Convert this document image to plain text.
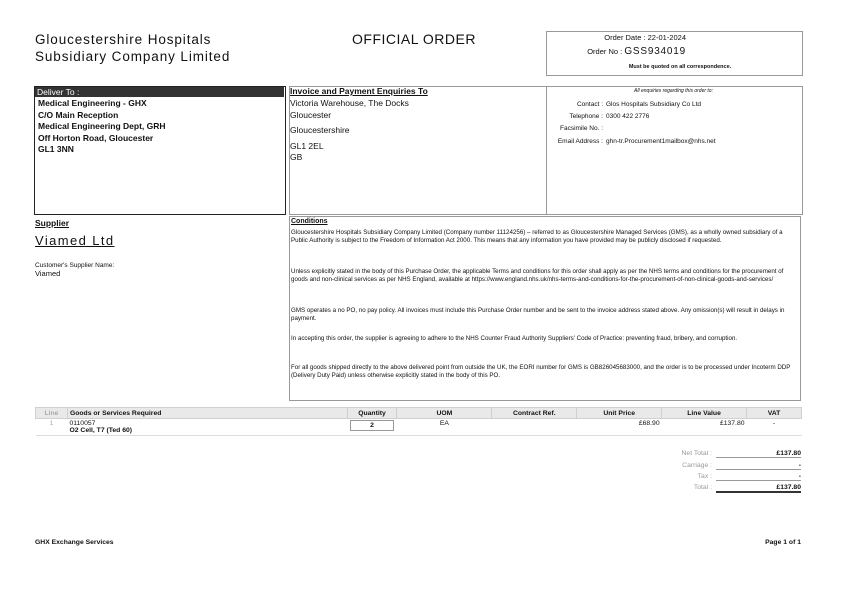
Gloucestershire Hospitals
Subsidiary Company Limited
OFFICIAL ORDER	Order Date : 22-01-2024
Order No : GSS934019
Must be quoted on all correspondence.
Deliver To :
Medical Engineering - GHX
C/O Main Reception
Medical Engineering Dept, GRH
Off Horton Road, Gloucester
GL1 3NN
Invoice and Payment Enquiries To
Victoria Warehouse, The Docks
Gloucester
Gloucestershire
GL1 2EL
GB
All enquiries regarding this order to:
Contact : Glos Hospitals Subsidiary Co Ltd
Telephone : 0300 422 2776
Facsimile No. :
Email Address : ghn-tr.Procurement1mailbox@nhs.net
Supplier
Viamed Ltd
Customer's Supplier Name:
Viamed
Conditions

Gloucestershire Hospitals Subsidiary Company Limited (Company number 11124256) – referred to as Gloucestershire Managed Services (GMS), as a wholly owned subsidiary of a Public Authority is subject to the Freedom of Information Act 2000. This means that any information you have provided may be publicly disclosed if requested.

Unless explicitly stated in the body of this Purchase Order, the applicable Terms and conditions for this order shall apply as per the NHS terms and conditions for the procurement of goods and non-clinical services as per NHS England, available at https://www.england.nhs.uk/nhs-terms-and-conditions-for-the-procurement-of-non-clinical-goods-and-services/

GMS operates a no PO, no pay policy. All invoices must include this Purchase Order number and be sent to the invoice address stated above. Any omission(s) will result in delays in payment.

In accepting this order, the supplier is agreeing to adhere to the NHS Counter Fraud Authority Suppliers' Code of Practice: preventing fraud, bribery, and corruption.

For all goods shipped directly to the above delivered point from outside the UK, the EORI number for GMS is GB826045683000, and the order is to be processed under Incoterm DDP (Delivery Duty Paid) unless otherwise explicitly stated in the body of this PO.

Line	Goods or Services Required	Quantity	UOM	Contract Ref.	Unit Price	Line Value	VAT
1	0110057
O2 Cell, T7 (Ted 60)	2	EA		£68.90	£137.80	-
Net Total :	£137.80
Carriage :	-
Tax :	-
Total :	£137.80
GHX Exchange Services	Page 1 of 1
